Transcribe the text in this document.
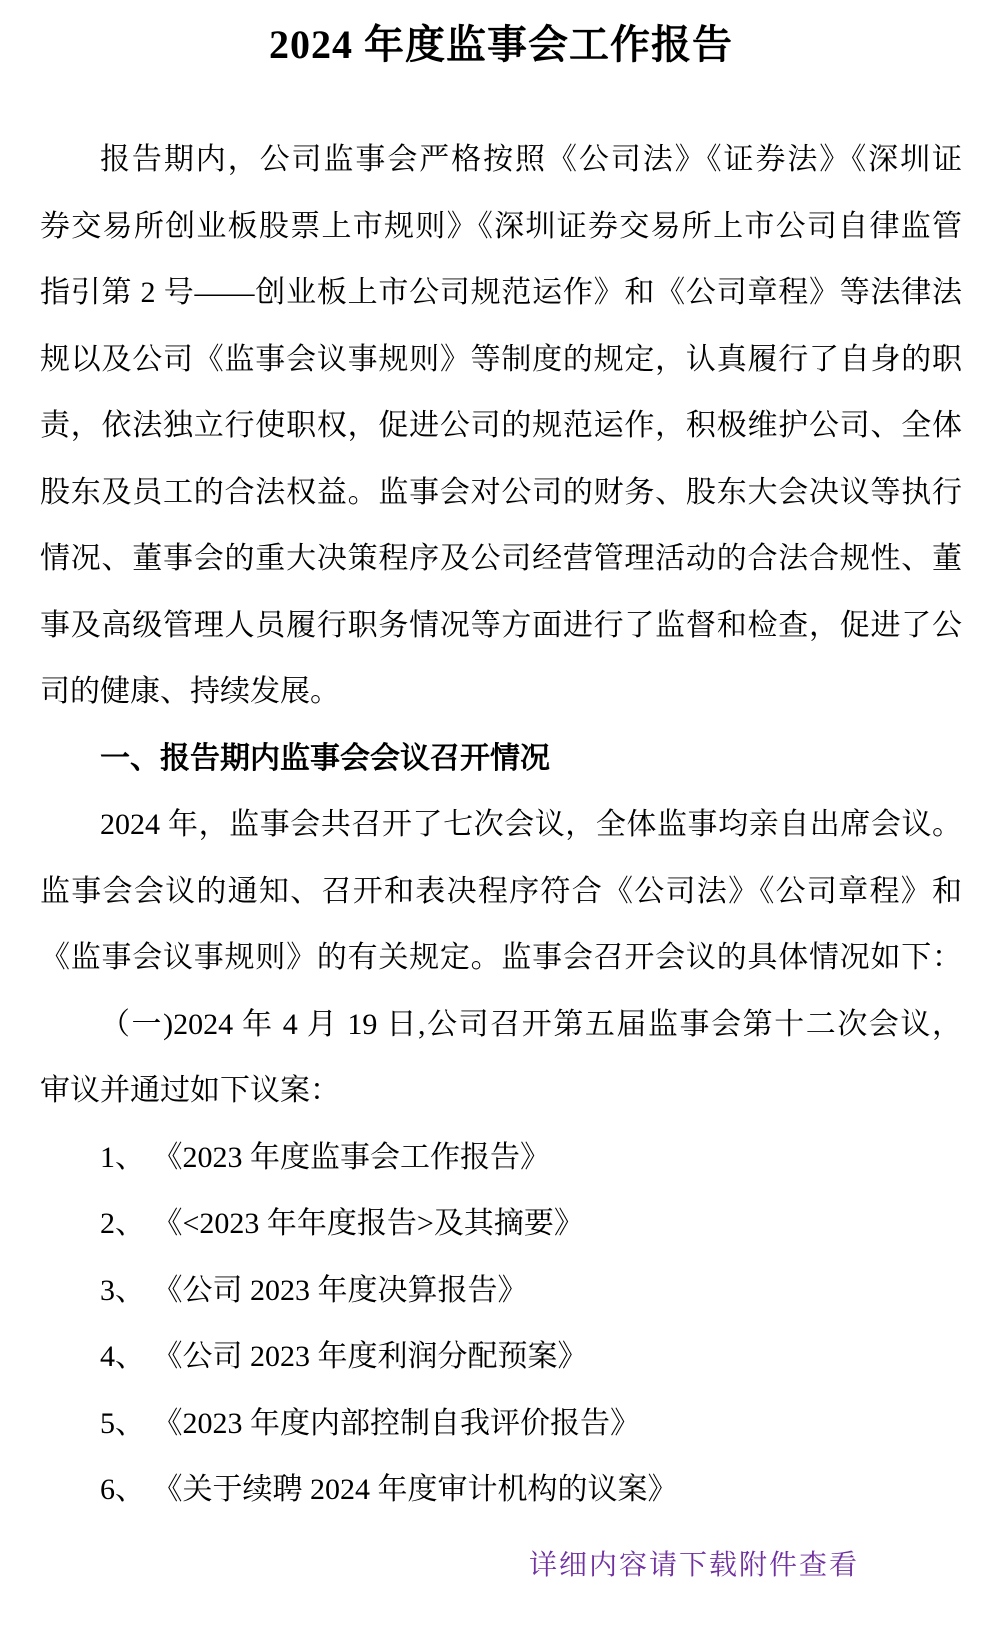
2024 年度监事会工作报告
报告期内，公司监事会严格按照《公司法》《证券法》《深圳证
券交易所创业板股票上市规则》《深圳证券交易所上市公司自律监管
指引第 2 号——创业板上市公司规范运作》和《公司章程》等法律法
规以及公司《监事会议事规则》等制度的规定，认真履行了自身的职
责，依法独立行使职权，促进公司的规范运作，积极维护公司、全体
股东及员工的合法权益。监事会对公司的财务、股东大会决议等执行
情况、董事会的重大决策程序及公司经营管理活动的合法合规性、董
事及高级管理人员履行职务情况等方面进行了监督和检查，促进了公
司的健康、持续发展。
一、报告期内监事会会议召开情况
2024 年，监事会共召开了七次会议，全体监事均亲自出席会议。
监事会会议的通知、召开和表决程序符合《公司法》《公司章程》和
《监事会议事规则》的有关规定。监事会召开会议的具体情况如下：
（一)2024 年 4 月 19 日,公司召开第五届监事会第十二次会议，
审议并通过如下议案：
1、 《2023 年度监事会工作报告》
2、 《<2023 年年度报告>及其摘要》
3、 《公司 2023 年度决算报告》
4、 《公司 2023 年度利润分配预案》
5、 《2023 年度内部控制自我评价报告》
6、 《关于续聘 2024 年度审计机构的议案》
详细内容请下载附件查看
